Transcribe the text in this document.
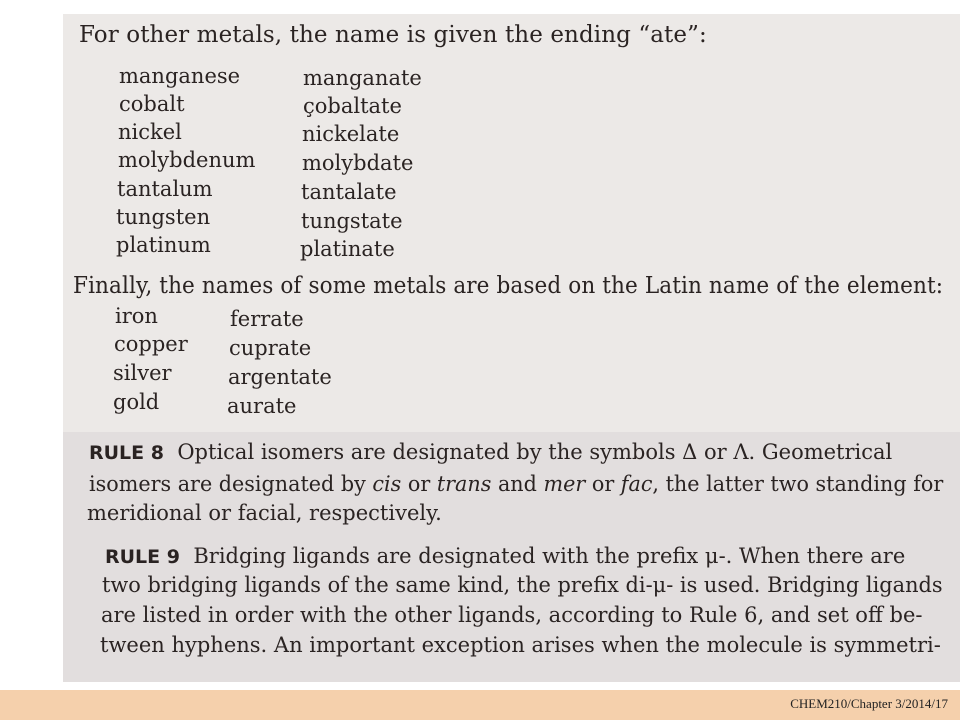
For other metals, the name is given the ending “ate”:
manganese	manganate
cobalt	çobaltate
nickel	nickelate
molybdenum molybdate
tantalum	tantalate
tungsten	tungstate
platinum	platinate
Finally, the names of some metals are based on the Latin name of the element:
iron	ferrate
copper cuprate
silver	argentate
gold	aurate
RULE 8 Optical isomers are designated by the symbols Δ or Λ. Geometrical
isomers are designated by cis or trans and mer or fac, the latter two standing for
meridional or facial, respectively.
RULE 9 Bridging ligands are designated with the prefix μ-. When there are
two bridging ligands of the same kind, the prefix di-μ- is used. Bridging ligands
are listed in order with the other ligands, according to Rule 6, and set off be-
tween hyphens. An important exception arises when the molecule is symmetri-
CHEM210/Chapter 3/2014/17
